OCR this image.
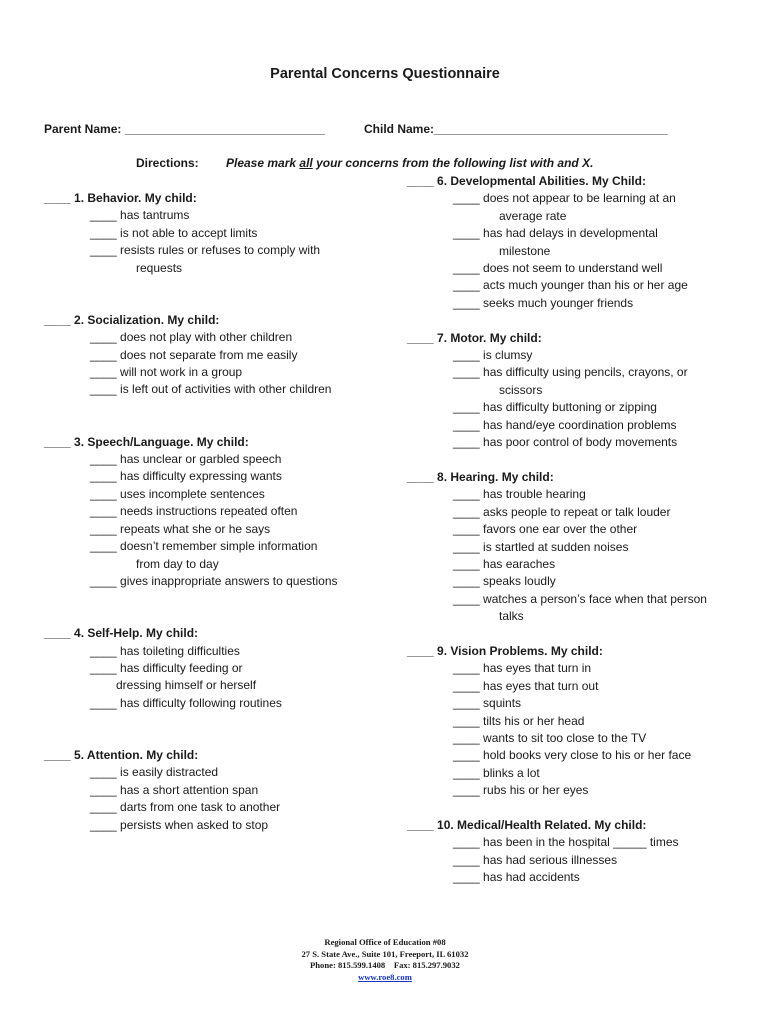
Parental Concerns Questionnaire
Parent Name: ______________________________	Child Name:___________________________________
Directions: Please mark all your concerns from the following list with and X.
____ 1. Behavior. My child:
____ has tantrums
____ is not able to accept limits
____ resists rules or refuses to comply with
requests
____ 2. Socialization. My child:
____ does not play with other children
____ does not separate from me easily
____ will not work in a group
____ is left out of activities with other children
____ 3. Speech/Language. My child:
____ has unclear or garbled speech
____ has difficulty expressing wants
____ uses incomplete sentences
____ needs instructions repeated often
____ repeats what she or he says
____ doesn’t remember simple information
from day to day
____ gives inappropriate answers to questions
____ 4. Self-Help. My child:
____ has toileting difficulties
____ has difficulty feeding or
dressing himself or herself
____ has difficulty following routines
____ 5. Attention. My child:
____ is easily distracted
____ has a short attention span
____ darts from one task to another
____ persists when asked to stop
____ 6. Developmental Abilities. My Child:
____ does not appear to be learning at an
average rate
____ has had delays in developmental
milestone
____ does not seem to understand well
____ acts much younger than his or her age
____ seeks much younger friends
____ 7. Motor. My child:
____ is clumsy
____ has difficulty using pencils, crayons, or
scissors
____ has difficulty buttoning or zipping
____ has hand/eye coordination problems
____ has poor control of body movements
____ 8. Hearing. My child:
____ has trouble hearing
____ asks people to repeat or talk louder
____ favors one ear over the other
____ is startled at sudden noises
____ has earaches
____ speaks loudly
____ watches a person’s face when that person
talks
____ 9. Vision Problems. My child:
____ has eyes that turn in
____ has eyes that turn out
____ squints
____ tilts his or her head
____ wants to sit too close to the TV
____ hold books very close to his or her face
____ blinks a lot
____ rubs his or her eyes
____ 10. Medical/Health Related. My child:
____ has been in the hospital _____ times
____ has had serious illnesses
____ has had accidents
Regional Office of Education #08
27 S. State Ave., Suite 101, Freeport, IL 61032
Phone: 815.599.1408    Fax: 815.297.9032
www.roe8.com
